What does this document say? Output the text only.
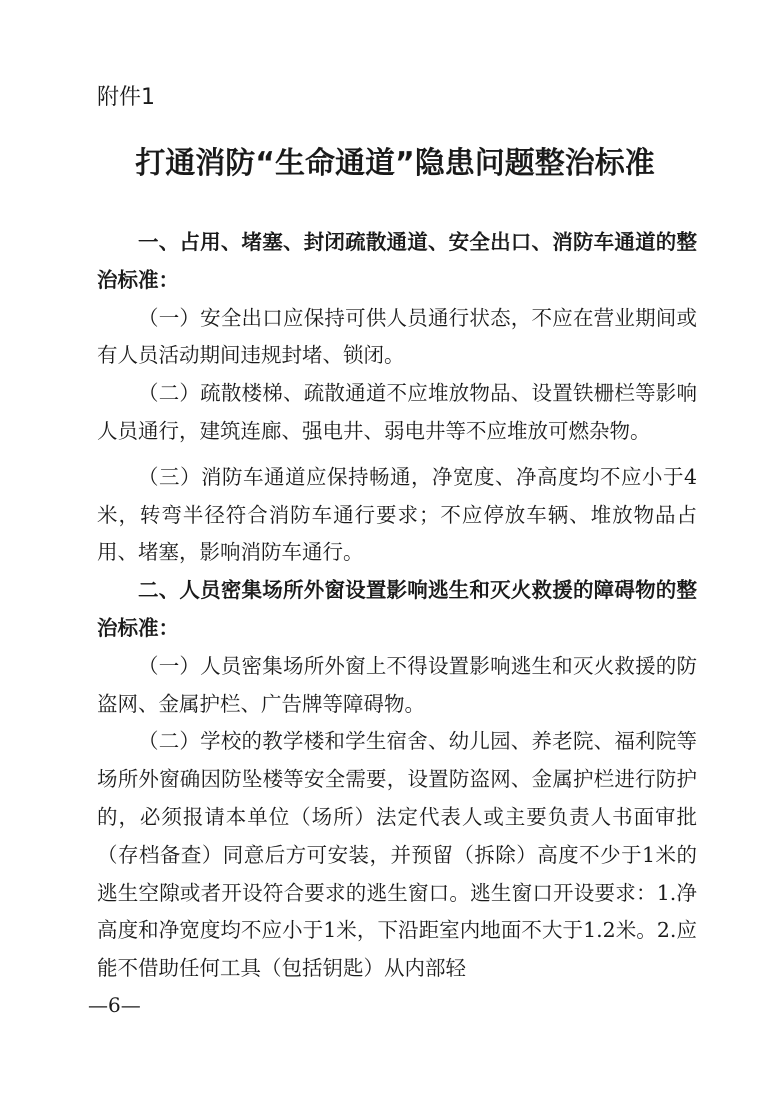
附件1
打通消防“生命通道”隐患问题整治标准

一、占用、堵塞、封闭疏散通道、安全出口、消防车通道的整治标准：

（一）安全出口应保持可供人员通行状态，不应在营业期间或有人员活动期间违规封堵、锁闭。

（二）疏散楼梯、疏散通道不应堆放物品、设置铁栅栏等影响人员通行，建筑连廊、强电井、弱电井等不应堆放可燃杂物。

（三）消防车通道应保持畅通，净宽度、净高度均不应小于4米，转弯半径符合消防车通行要求；不应停放车辆、堆放物品占用、堵塞，影响消防车通行。

二、人员密集场所外窗设置影响逃生和灭火救援的障碍物的整治标准：

（一）人员密集场所外窗上不得设置影响逃生和灭火救援的防盗网、金属护栏、广告牌等障碍物。

（二）学校的教学楼和学生宿舍、幼儿园、养老院、福利院等场所外窗确因防坠楼等安全需要，设置防盗网、金属护栏进行防护的，必须报请本单位（场所）法定代表人或主要负责人书面审批（存档备查）同意后方可安装，并预留（拆除）高度不少于1米的逃生空隙或者开设符合要求的逃生窗口。逃生窗口开设要求：1.净高度和净宽度均不应小于1米，下沿距室内地面不大于1.2米。2.应能不借助任何工具（包括钥匙）从内部轻

—6—
